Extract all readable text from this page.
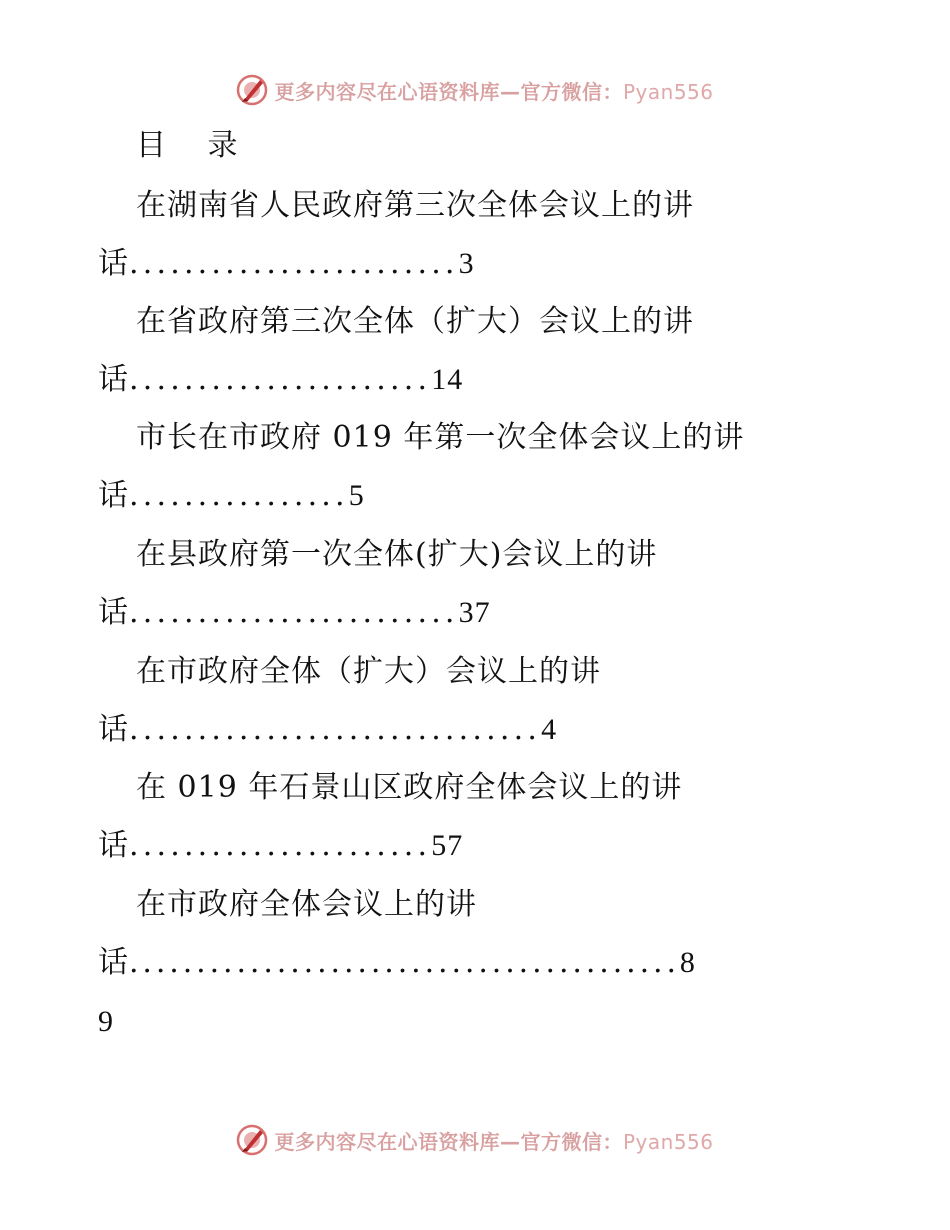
更多内容尽在心语资料库—官方微信：Pyan556
目 录
在湖南省人民政府第三次全体会议上的讲
话........................3
在省政府第三次全体（扩大）会议上的讲
话......................14
市长在市政府 019 年第一次全体会议上的讲
话................5
在县政府第一次全体(扩大)会议上的讲
话........................37
在市政府全体（扩大）会议上的讲
话..............................4
在 019 年石景山区政府全体会议上的讲
话......................57
在市政府全体会议上的讲
话.........................................8
9
更多内容尽在心语资料库—官方微信：Pyan556
